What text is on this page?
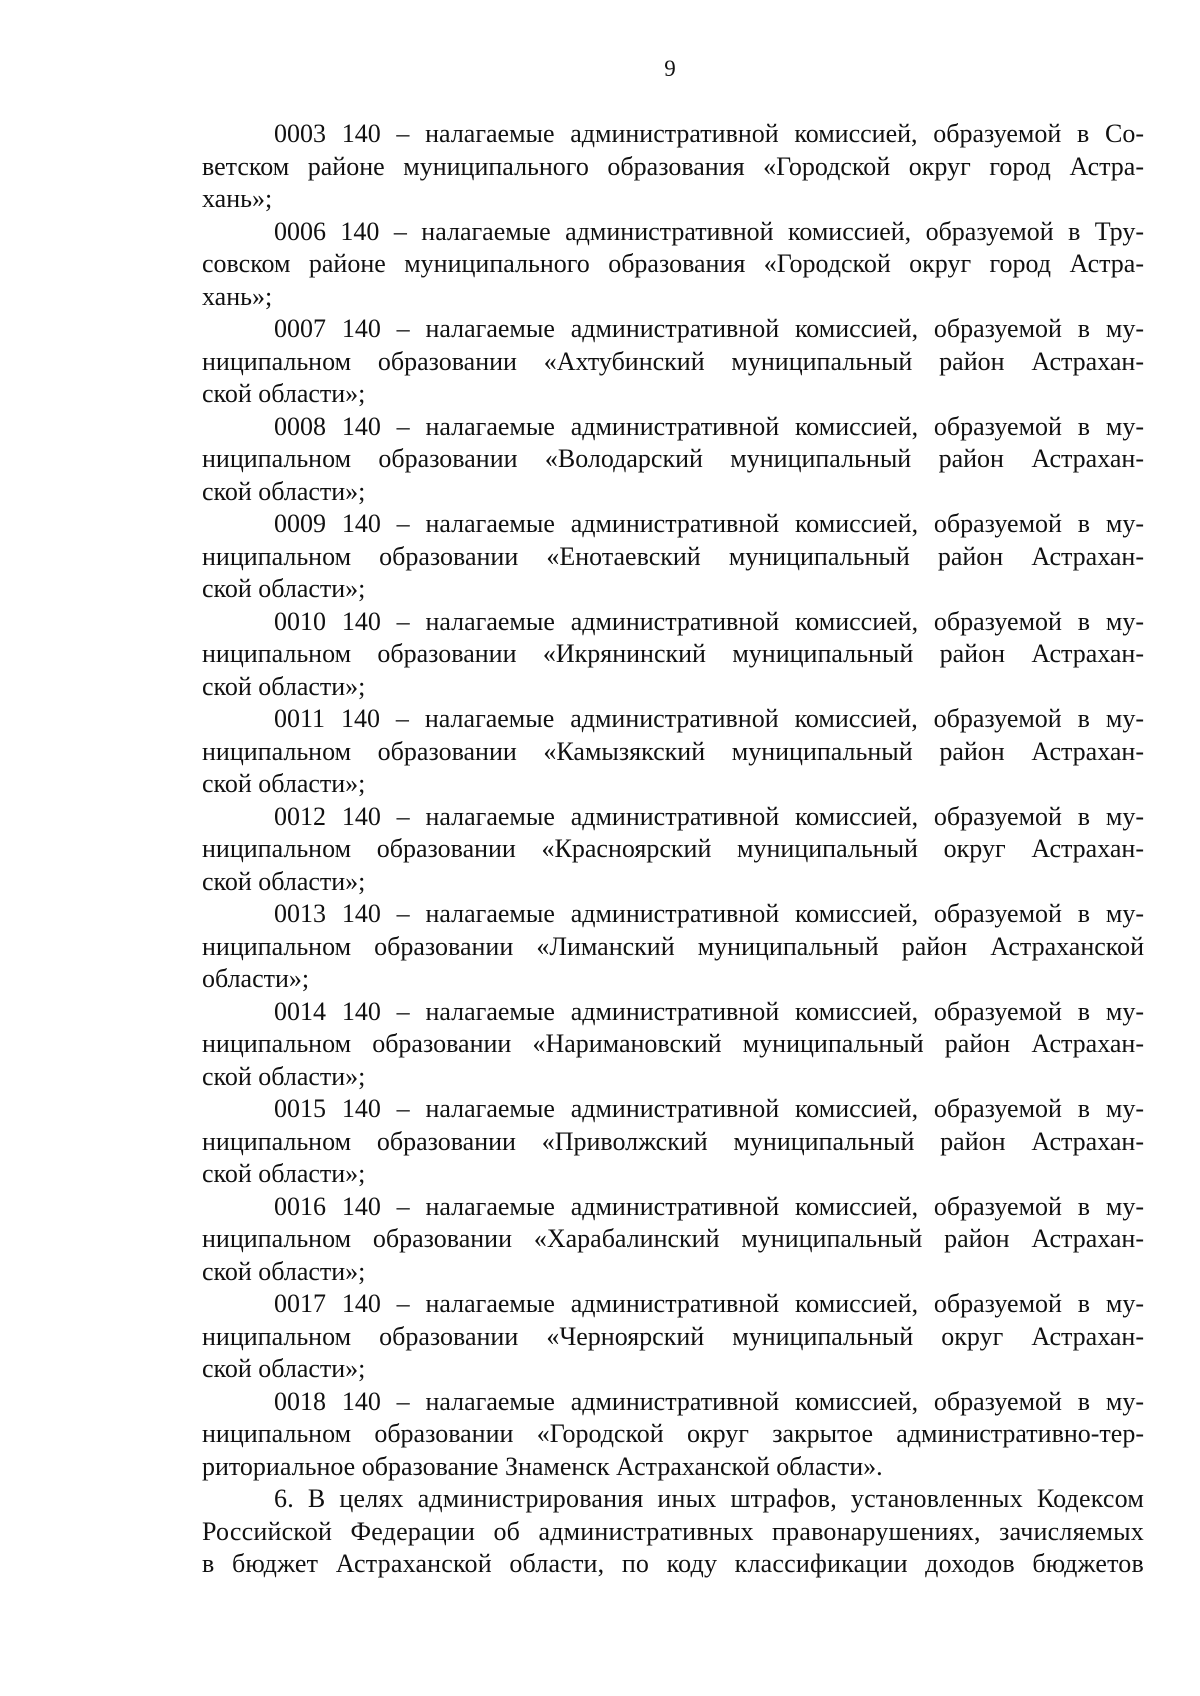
9

0003 140 – налагаемые административной комиссией, образуемой в Со-
ветском районе муниципального образования «Городской округ город Астра-
хань»;

0006 140 – налагаемые административной комиссией, образуемой в Тру-
совском районе муниципального образования «Городской округ город Астра-
хань»;

0007 140 – налагаемые административной комиссией, образуемой в му-
ниципальном образовании «Ахтубинский муниципальный район Астрахан-
ской области»;

0008 140 – налагаемые административной комиссией, образуемой в му-
ниципальном образовании «Володарский муниципальный район Астрахан-
ской области»;

0009 140 – налагаемые административной комиссией, образуемой в му-
ниципальном образовании «Енотаевский муниципальный район Астрахан-
ской области»;

0010 140 – налагаемые административной комиссией, образуемой в му-
ниципальном образовании «Икрянинский муниципальный район Астрахан-
ской области»;

0011 140 – налагаемые административной комиссией, образуемой в му-
ниципальном образовании «Камызякский муниципальный район Астрахан-
ской области»;

0012 140 – налагаемые административной комиссией, образуемой в му-
ниципальном образовании «Красноярский муниципальный округ Астрахан-
ской области»;

0013 140 – налагаемые административной комиссией, образуемой в му-
ниципальном образовании «Лиманский муниципальный район Астраханской
области»;

0014 140 – налагаемые административной комиссией, образуемой в му-
ниципальном образовании «Наримановский муниципальный район Астрахан-
ской области»;

0015 140 – налагаемые административной комиссией, образуемой в му-
ниципальном образовании «Приволжский муниципальный район Астрахан-
ской области»;

0016 140 – налагаемые административной комиссией, образуемой в му-
ниципальном образовании «Харабалинский муниципальный район Астрахан-
ской области»;

0017 140 – налагаемые административной комиссией, образуемой в му-
ниципальном образовании «Черноярский муниципальный округ Астрахан-
ской области»;

0018 140 – налагаемые административной комиссией, образуемой в му-
ниципальном образовании «Городской округ закрытое административно-тер-
риториальное образование Знаменск Астраханской области».

6. В целях администрирования иных штрафов, установленных Кодексом
Российской Федерации об административных правонарушениях, зачисляемых
в бюджет Астраханской области, по коду классификации доходов бюджетов
